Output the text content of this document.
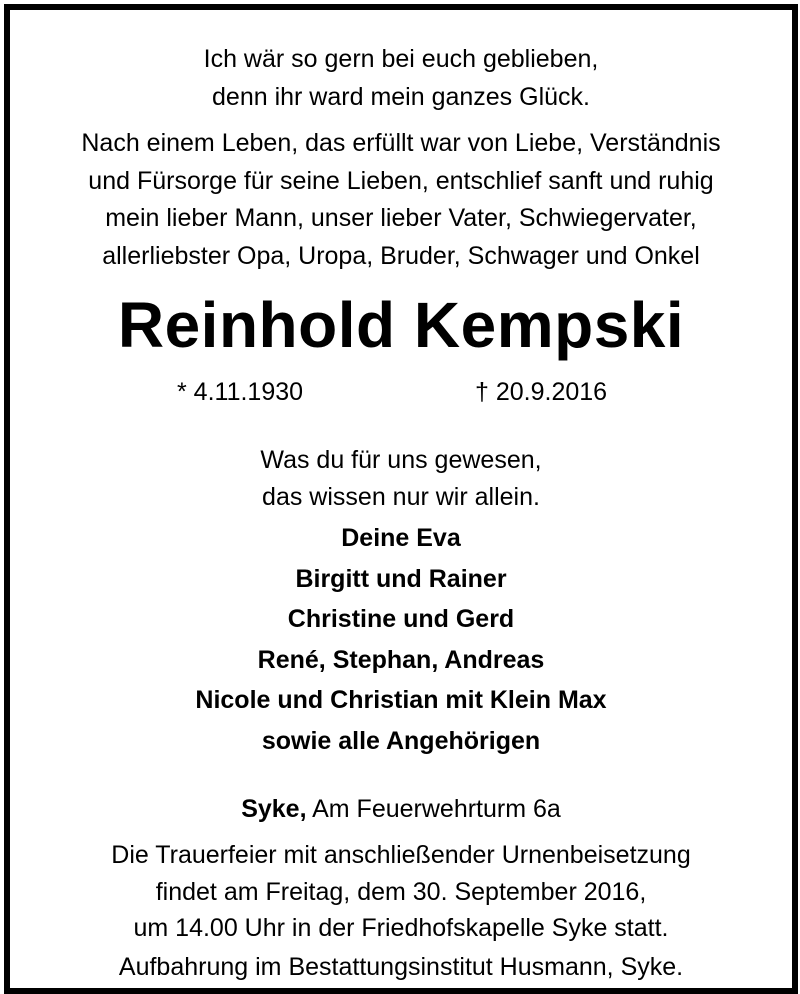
Ich wär so gern bei euch geblieben,
denn ihr ward mein ganzes Glück.
Nach einem Leben, das erfüllt war von Liebe, Verständnis
und Fürsorge für seine Lieben, entschlief sanft und ruhig
mein lieber Mann, unser lieber Vater, Schwiegervater,
allerliebster Opa, Uropa, Bruder, Schwager und Onkel
Reinhold Kempski
* 4.11.1930	† 20.9.2016
Was du für uns gewesen,
das wissen nur wir allein.
Deine Eva
Birgitt und Rainer
Christine und Gerd
René, Stephan, Andreas
Nicole und Christian mit Klein Max
sowie alle Angehörigen
Syke, Am Feuerwehrturm 6a
Die Trauerfeier mit anschließender Urnenbeisetzung
findet am Freitag, dem 30. September 2016,
um 14.00 Uhr in der Friedhofskapelle Syke statt.
Aufbahrung im Bestattungsinstitut Husmann, Syke.
